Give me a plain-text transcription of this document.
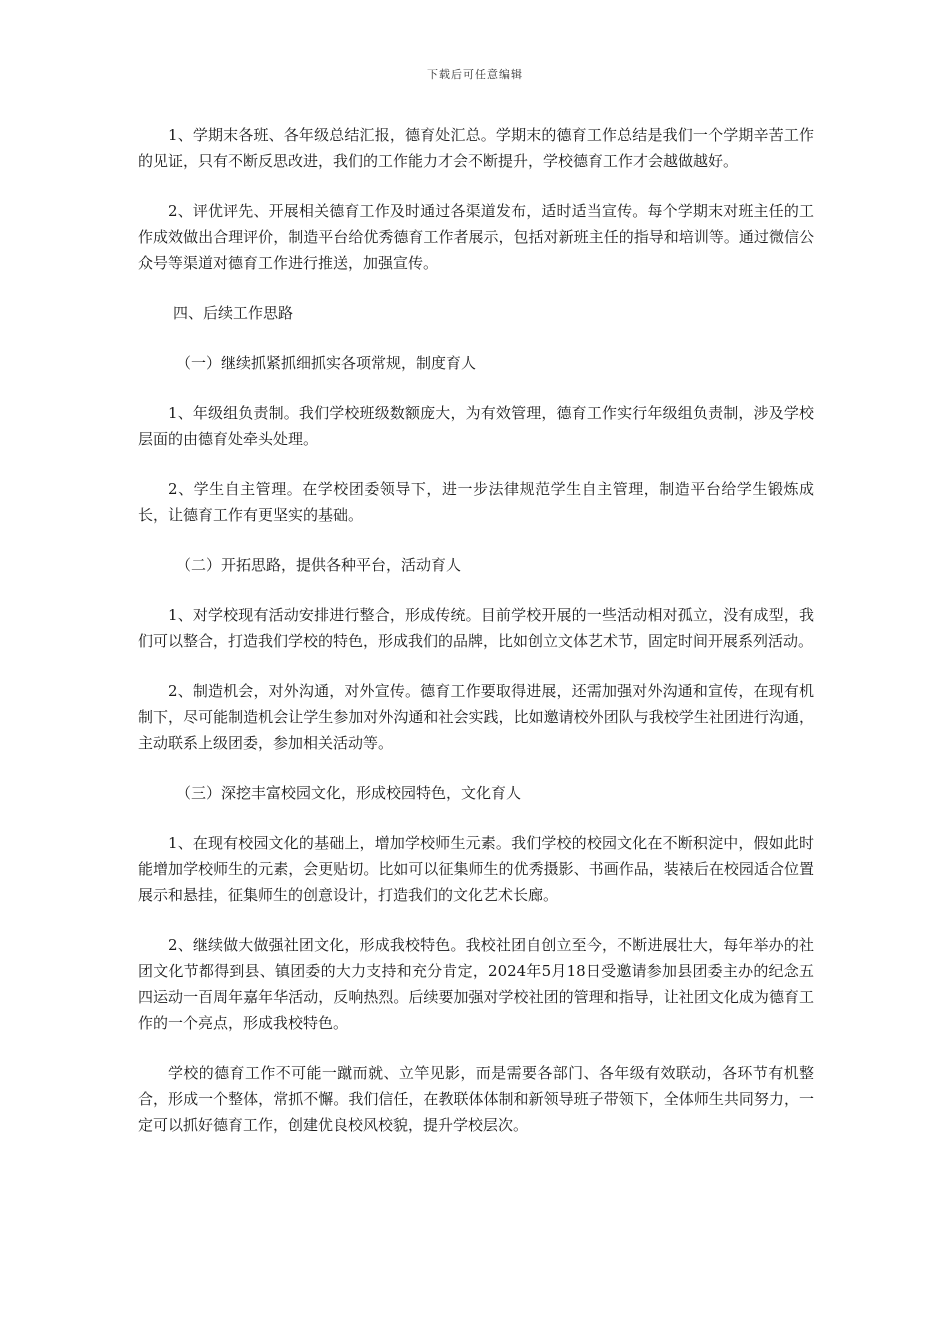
下载后可任意编辑

1、学期末各班、各年级总结汇报，德育处汇总。学期末的德育工作总结是我们一个学期辛苦工作的见证，只有不断反思改进，我们的工作能力才会不断提升，学校德育工作才会越做越好。

2、评优评先、开展相关德育工作及时通过各渠道发布，适时适当宣传。每个学期末对班主任的工作成效做出合理评价，制造平台给优秀德育工作者展示，包括对新班主任的指导和培训等。通过微信公众号等渠道对德育工作进行推送，加强宣传。

四、后续工作思路

（一）继续抓紧抓细抓实各项常规，制度育人

1、年级组负责制。我们学校班级数额庞大，为有效管理，德育工作实行年级组负责制，涉及学校层面的由德育处牵头处理。

2、学生自主管理。在学校团委领导下，进一步法律规范学生自主管理，制造平台给学生锻炼成长，让德育工作有更坚实的基础。

（二）开拓思路，提供各种平台，活动育人

1、对学校现有活动安排进行整合，形成传统。目前学校开展的一些活动相对孤立，没有成型，我们可以整合，打造我们学校的特色，形成我们的品牌，比如创立文体艺术节，固定时间开展系列活动。

2、制造机会，对外沟通，对外宣传。德育工作要取得进展，还需加强对外沟通和宣传，在现有机制下，尽可能制造机会让学生参加对外沟通和社会实践，比如邀请校外团队与我校学生社团进行沟通，主动联系上级团委，参加相关活动等。

（三）深挖丰富校园文化，形成校园特色，文化育人

1、在现有校园文化的基础上，增加学校师生元素。我们学校的校园文化在不断积淀中，假如此时能增加学校师生的元素，会更贴切。比如可以征集师生的优秀摄影、书画作品，装裱后在校园适合位置展示和悬挂，征集师生的创意设计，打造我们的文化艺术长廊。

2、继续做大做强社团文化，形成我校特色。我校社团自创立至今，不断进展壮大，每年举办的社团文化节都得到县、镇团委的大力支持和充分肯定，2024年5月18日受邀请参加县团委主办的纪念五四运动一百周年嘉年华活动，反响热烈。后续要加强对学校社团的管理和指导，让社团文化成为德育工作的一个亮点，形成我校特色。

学校的德育工作不可能一蹴而就、立竿见影，而是需要各部门、各年级有效联动，各环节有机整合，形成一个整体，常抓不懈。我们信任，在教联体体制和新领导班子带领下，全体师生共同努力，一定可以抓好德育工作，创建优良校风校貌，提升学校层次。
